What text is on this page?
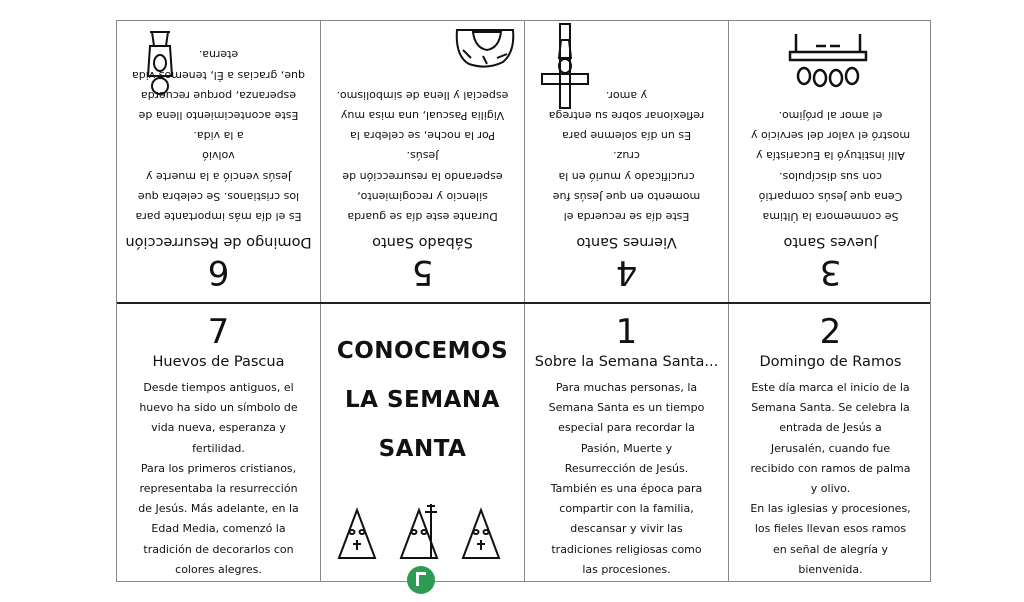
6
Domingo de Resurrección

Es el día más importante para

los cristianos. Se celebra que

Jesús venció a la muerte y volvió

a la vida.

Este acontecimiento llena de

esperanza, porque recuerda

que, gracias a Él, tenemos vida

eterna.

5
Sábado Santo

Durante este día se guarda

silencio y recogimiento,

esperando la resurrección de

Jesús.

Por la noche, se celebra la

Vigilia Pascual, una misa muy

especial y llena de simbolismo.

4
Viernes Santo

Este día se recuerda el

momento en que Jesús fue

crucificado y murió en la

cruz.

Es un día solemne para

reflexionar sobre su entrega

y amor.

3
Jueves Santo

Se conmemora la Última

Cena que Jesús compartió

con sus discípulos.

Allí instituyó la Eucaristía y

mostró el valor del servicio y

el amor al prójimo.

7
Huevos de Pascua

Desde tiempos antiguos, el

huevo ha sido un símbolo de

vida nueva, esperanza y

fertilidad.

Para los primeros cristianos,

representaba la resurrección

de Jesús. Más adelante, en la

Edad Media, comenzó la

tradición de decorarlos con

colores alegres.

CONOCEMOS
LA SEMANA
SANTA
1
Sobre la Semana Santa...

Para muchas personas, la

Semana Santa es un tiempo

especial para recordar la

Pasión, Muerte y

Resurrección de Jesús.

También es una época para

compartir con la familia,

descansar y vivir las

tradiciones religiosas como

las procesiones.

2
Domingo de Ramos

Este día marca el inicio de la

Semana Santa. Se celebra la

entrada de Jesús a

Jerusalén, cuando fue

recibido con ramos de palma

y olivo.

En las iglesias y procesiones,

los fieles llevan esos ramos

en señal de alegría y

bienvenida.
